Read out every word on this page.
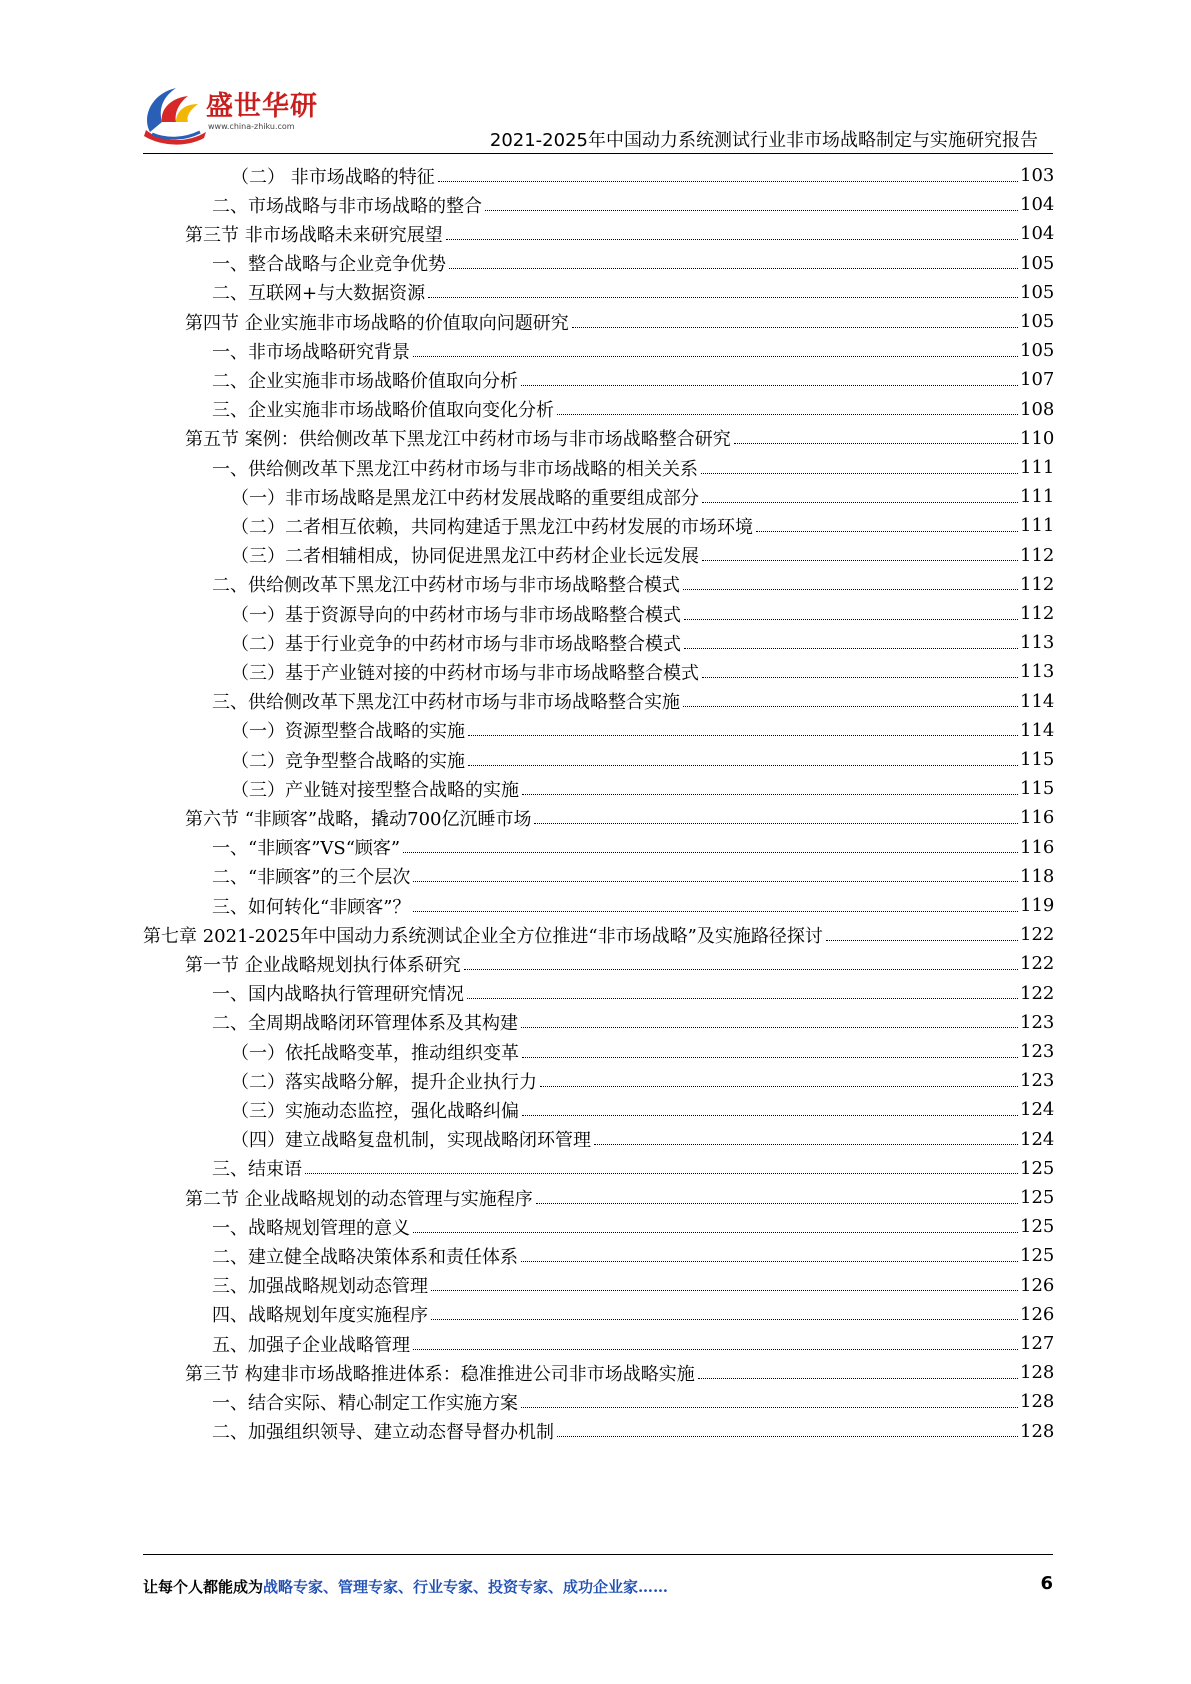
盛世华研
www.china-zhiku.com
2021-2025年中国动力系统测试行业非市场战略制定与实施研究报告
（二） 非市场战略的特征	103
二、市场战略与非市场战略的整合	104
第三节 非市场战略未来研究展望	104
一、整合战略与企业竞争优势	105
二、互联网+与大数据资源	105
第四节 企业实施非市场战略的价值取向问题研究	105
一、非市场战略研究背景	105
二、企业实施非市场战略价值取向分析	107
三、企业实施非市场战略价值取向变化分析	108
第五节 案例：供给侧改革下黑龙江中药材市场与非市场战略整合研究	110
一、供给侧改革下黑龙江中药材市场与非市场战略的相关关系	111
（一）非市场战略是黑龙江中药材发展战略的重要组成部分	111
（二）二者相互依赖，共同构建适于黑龙江中药材发展的市场环境	111
（三）二者相辅相成，协同促进黑龙江中药材企业长远发展	112
二、供给侧改革下黑龙江中药材市场与非市场战略整合模式	112
（一）基于资源导向的中药材市场与非市场战略整合模式	112
（二）基于行业竞争的中药材市场与非市场战略整合模式	113
（三）基于产业链对接的中药材市场与非市场战略整合模式	113
三、供给侧改革下黑龙江中药材市场与非市场战略整合实施	114
（一）资源型整合战略的实施	114
（二）竞争型整合战略的实施	115
（三）产业链对接型整合战略的实施	115
第六节 “非顾客”战略，撬动700亿沉睡市场	116
一、“非顾客”VS“顾客”	116
二、“非顾客”的三个层次	118
三、如何转化“非顾客”？	119
第七章 2021-2025年中国动力系统测试企业全方位推进“非市场战略”及实施路径探讨	122
第一节 企业战略规划执行体系研究	122
一、国内战略执行管理研究情况	122
二、全周期战略闭环管理体系及其构建	123
（一）依托战略变革，推动组织变革	123
（二）落实战略分解，提升企业执行力	123
（三）实施动态监控，强化战略纠偏	124
（四）建立战略复盘机制，实现战略闭环管理	124
三、结束语	125
第二节 企业战略规划的动态管理与实施程序	125
一、战略规划管理的意义	125
二、建立健全战略决策体系和责任体系	125
三、加强战略规划动态管理	126
四、战略规划年度实施程序	126
五、加强子企业战略管理	127
第三节 构建非市场战略推进体系：稳准推进公司非市场战略实施	128
一、结合实际、精心制定工作实施方案	128
二、加强组织领导、建立动态督导督办机制	128
让每个人都能成为战略专家、管理专家、行业专家、投资专家、成功企业家……	6
